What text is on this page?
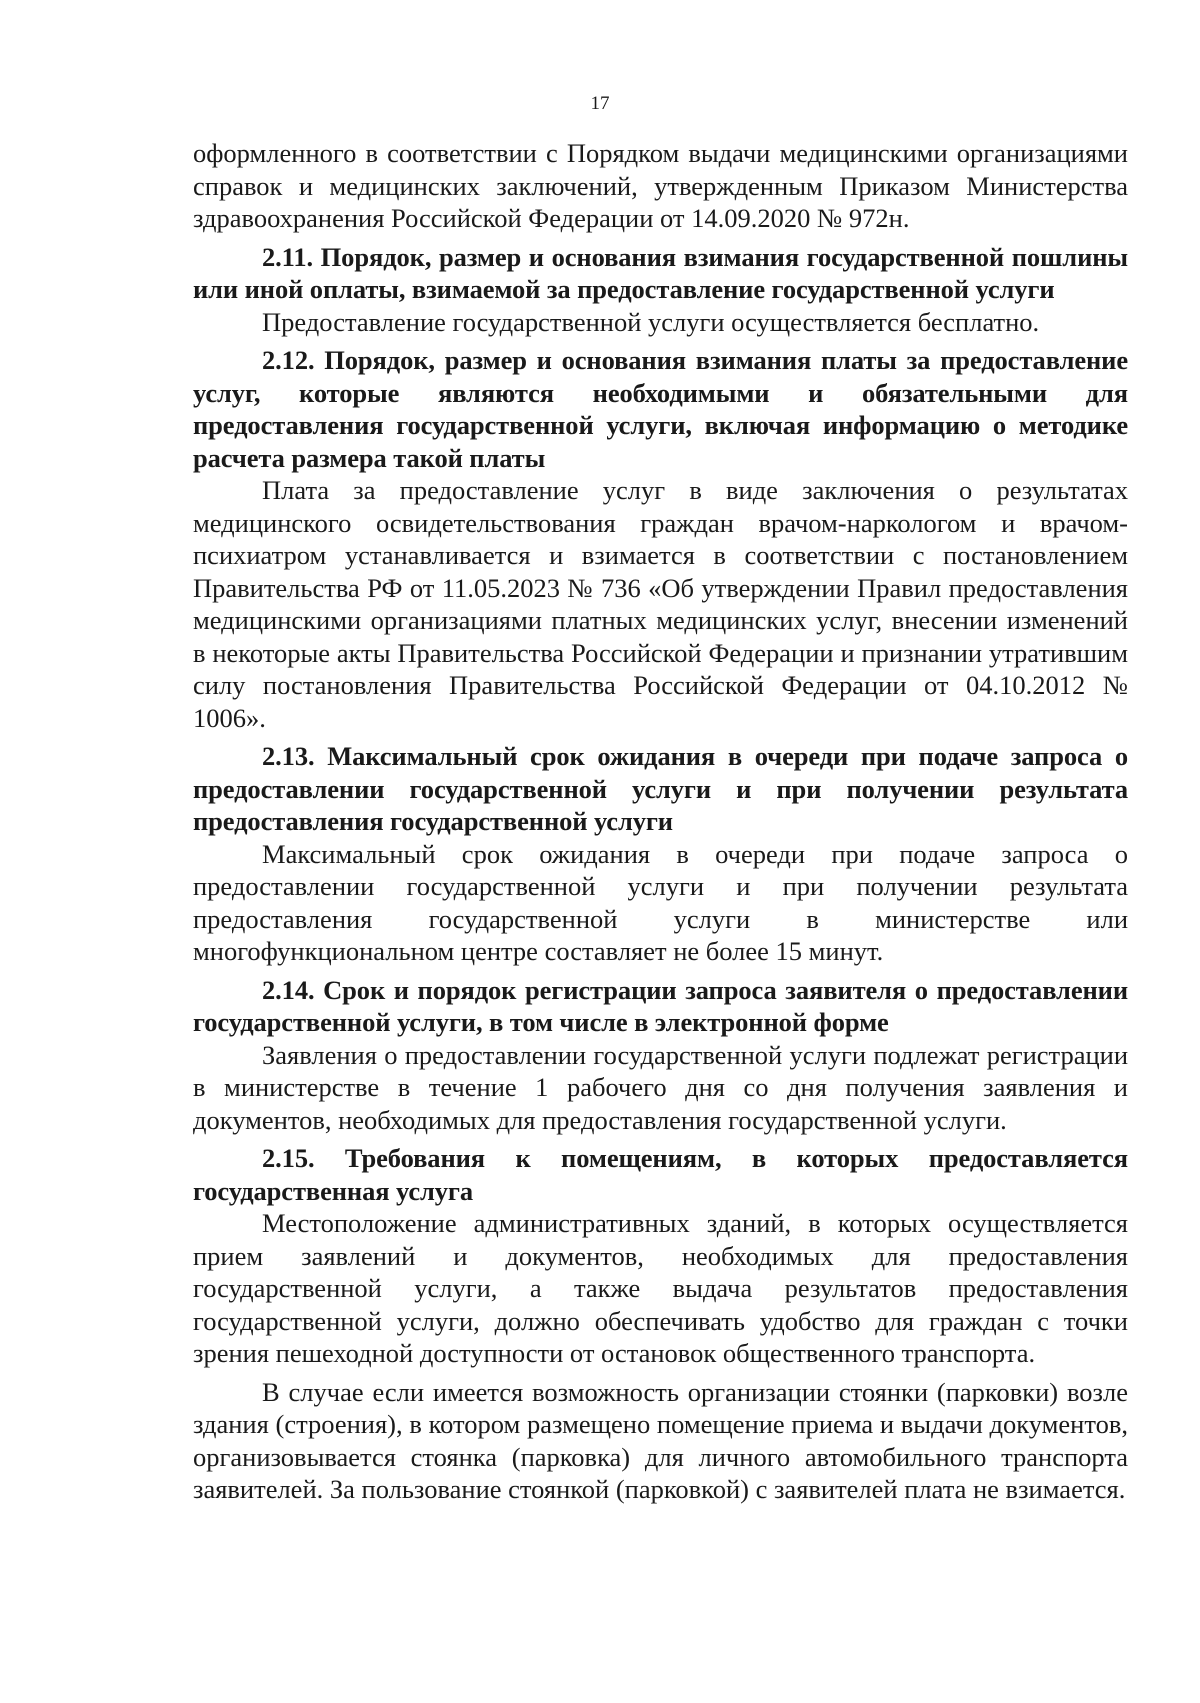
17

оформленного в соответствии с Порядком выдачи медицинскими организациями справок и медицинских заключений, утвержденным Приказом Министерства здравоохранения Российской Федерации от 14.09.2020 № 972н.

2.11. Порядок, размер и основания взимания государственной пошлины или иной оплаты, взимаемой за предоставление государственной услуги

Предоставление государственной услуги осуществляется бесплатно.

2.12. Порядок, размер и основания взимания платы за предоставление услуг, которые являются необходимыми и обязательными для предоставления государственной услуги, включая информацию о методике расчета размера такой платы

Плата за предоставление услуг в виде заключения о результатах медицинского освидетельствования граждан врачом-наркологом и врачом-психиатром устанавливается и взимается в соответствии с постановлением Правительства РФ от 11.05.2023 № 736 «Об утверждении Правил предоставления медицинскими организациями платных медицинских услуг, внесении изменений в некоторые акты Правительства Российской Федерации и признании утратившим силу постановления Правительства Российской Федерации от 04.10.2012 № 1006».

2.13. Максимальный срок ожидания в очереди при подаче запроса о предоставлении государственной услуги и при получении результата предоставления государственной услуги

Максимальный срок ожидания в очереди при подаче запроса о предоставлении государственной услуги и при получении результата предоставления государственной услуги в министерстве или многофункциональном центре составляет не более 15 минут.

2.14. Срок и порядок регистрации запроса заявителя о предоставлении государственной услуги, в том числе в электронной форме

Заявления о предоставлении государственной услуги подлежат регистрации в министерстве в течение 1 рабочего дня со дня получения заявления и документов, необходимых для предоставления государственной услуги.

2.15. Требования к помещениям, в которых предоставляется государственная услуга

Местоположение административных зданий, в которых осуществляется прием заявлений и документов, необходимых для предоставления государственной услуги, а также выдача результатов предоставления государственной услуги, должно обеспечивать удобство для граждан с точки зрения пешеходной доступности от остановок общественного транспорта.

В случае если имеется возможность организации стоянки (парковки) возле здания (строения), в котором размещено помещение приема и выдачи документов, организовывается стоянка (парковка) для личного автомобильного транспорта заявителей. За пользование стоянкой (парковкой) с заявителей плата не взимается.
